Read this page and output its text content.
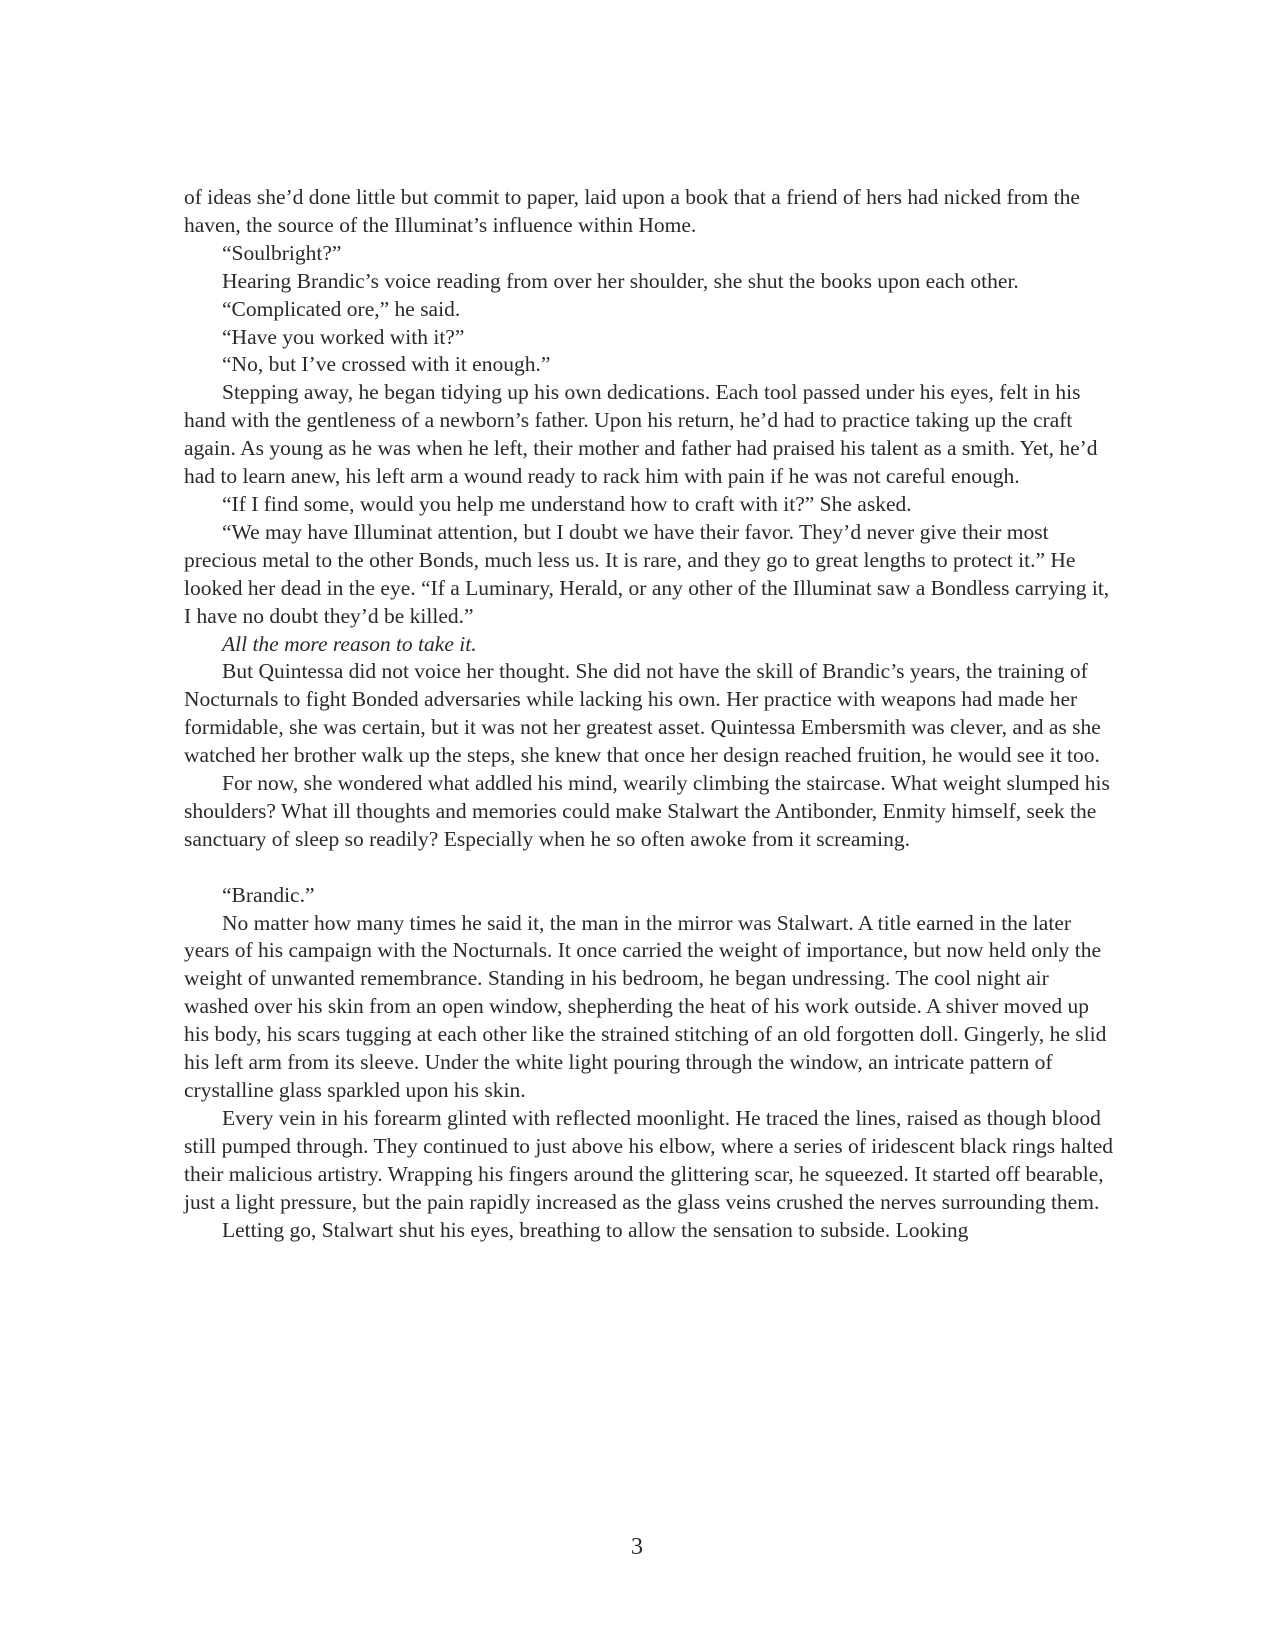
of ideas she’d done little but commit to paper, laid upon a book that a friend of hers had nicked from the haven, the source of the Illuminat’s influence within Home.

“Soulbright?”

Hearing Brandic’s voice reading from over her shoulder, she shut the books upon each other.

“Complicated ore,” he said.

“Have you worked with it?”

“No, but I’ve crossed with it enough.”

Stepping away, he began tidying up his own dedications. Each tool passed under his eyes, felt in his hand with the gentleness of a newborn’s father. Upon his return, he’d had to practice taking up the craft again. As young as he was when he left, their mother and father had praised his talent as a smith. Yet, he’d had to learn anew, his left arm a wound ready to rack him with pain if he was not careful enough.

“If I find some, would you help me understand how to craft with it?” She asked.

“We may have Illuminat attention, but I doubt we have their favor. They’d never give their most precious metal to the other Bonds, much less us. It is rare, and they go to great lengths to protect it.” He looked her dead in the eye. “If a Luminary, Herald, or any other of the Illuminat saw a Bondless carrying it, I have no doubt they’d be killed.”

All the more reason to take it.

But Quintessa did not voice her thought. She did not have the skill of Brandic’s years, the training of Nocturnals to fight Bonded adversaries while lacking his own. Her practice with weapons had made her formidable, she was certain, but it was not her greatest asset. Quintessa Embersmith was clever, and as she watched her brother walk up the steps, she knew that once her design reached fruition, he would see it too.

For now, she wondered what addled his mind, wearily climbing the staircase. What weight slumped his shoulders? What ill thoughts and memories could make Stalwart the Antibonder, Enmity himself, seek the sanctuary of sleep so readily? Especially when he so often awoke from it screaming.

“Brandic.”

No matter how many times he said it, the man in the mirror was Stalwart. A title earned in the later years of his campaign with the Nocturnals. It once carried the weight of importance, but now held only the weight of unwanted remembrance. Standing in his bedroom, he began undressing. The cool night air washed over his skin from an open window, shepherding the heat of his work outside. A shiver moved up his body, his scars tugging at each other like the strained stitching of an old forgotten doll. Gingerly, he slid his left arm from its sleeve. Under the white light pouring through the window, an intricate pattern of crystalline glass sparkled upon his skin.

Every vein in his forearm glinted with reflected moonlight. He traced the lines, raised as though blood still pumped through. They continued to just above his elbow, where a series of iridescent black rings halted their malicious artistry. Wrapping his fingers around the glittering scar, he squeezed. It started off bearable, just a light pressure, but the pain rapidly increased as the glass veins crushed the nerves surrounding them.

Letting go, Stalwart shut his eyes, breathing to allow the sensation to subside. Looking

3
